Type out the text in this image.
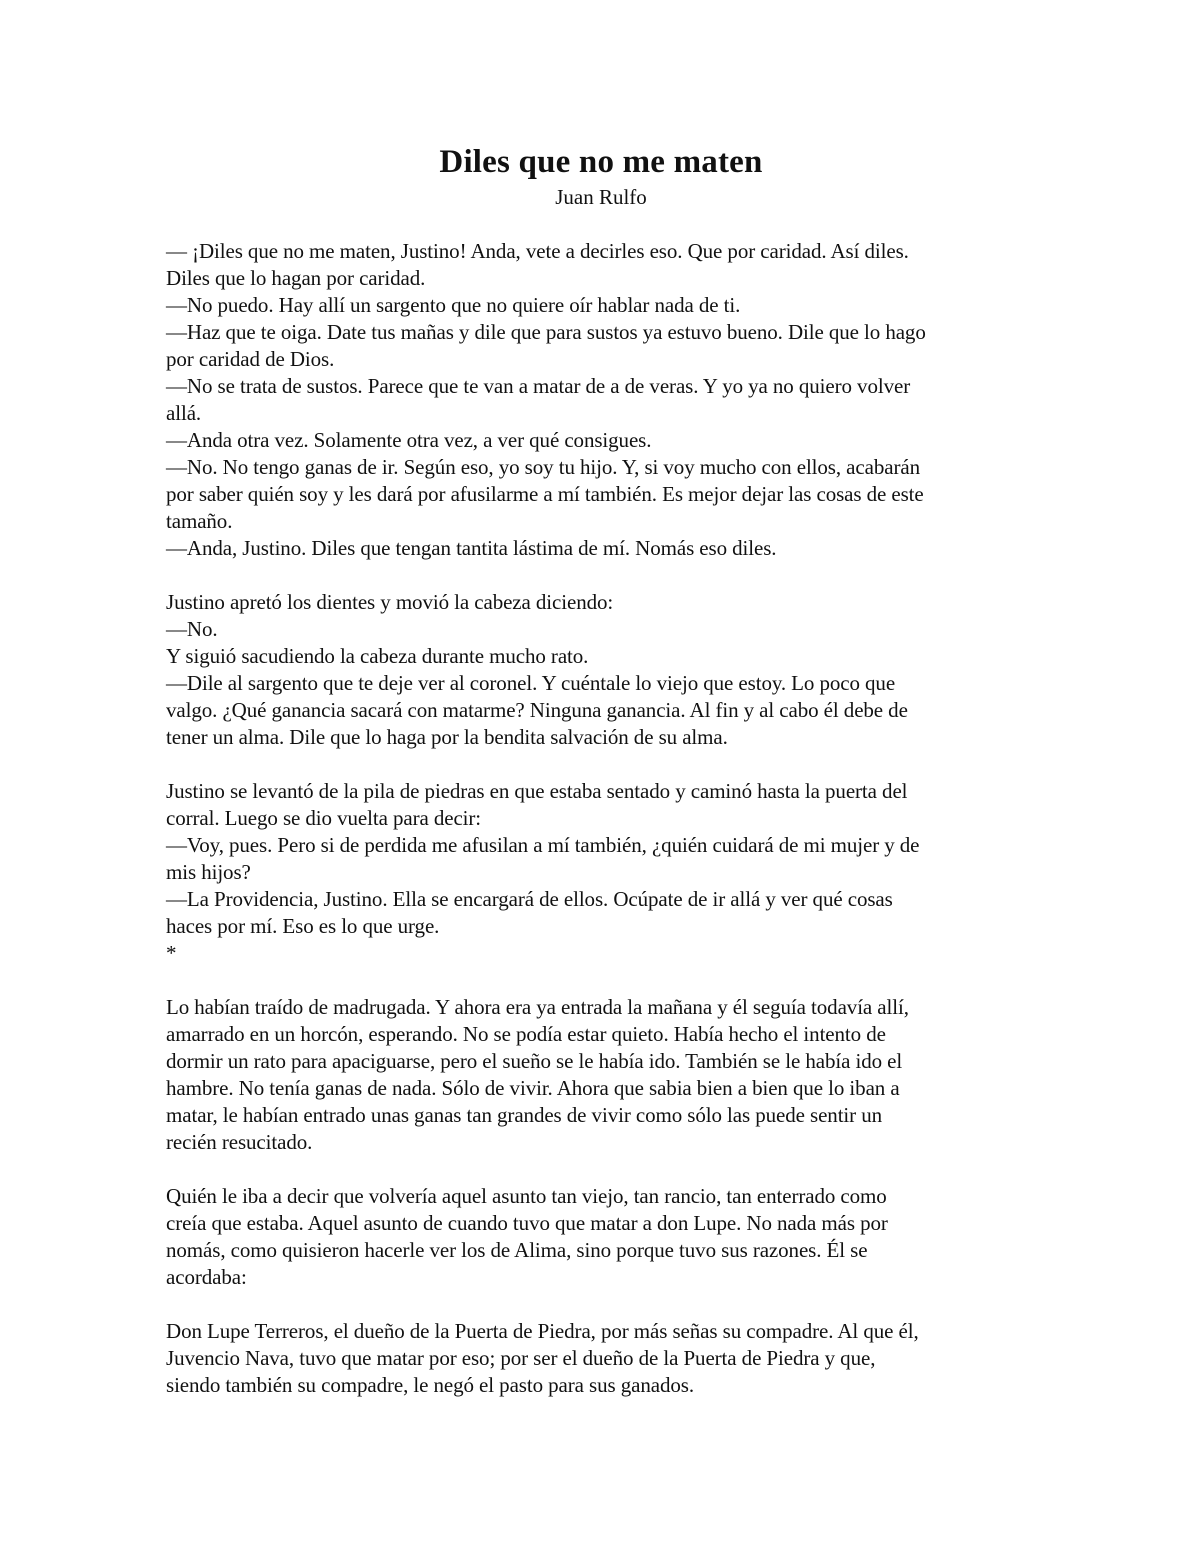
Diles que no me maten
Juan Rulfo

— ¡Diles que no me maten, Justino! Anda, vete a decirles eso. Que por caridad. Así diles.

Diles que lo hagan por caridad.

—No puedo. Hay allí un sargento que no quiere oír hablar nada de ti.

—Haz que te oiga. Date tus mañas y dile que para sustos ya estuvo bueno. Dile que lo hago

por caridad de Dios.

—No se trata de sustos. Parece que te van a matar de a de veras. Y yo ya no quiero volver

allá.

—Anda otra vez. Solamente otra vez, a ver qué consigues.

—No. No tengo ganas de ir. Según eso, yo soy tu hijo. Y, si voy mucho con ellos, acabarán

por saber quién soy y les dará por afusilarme a mí también. Es mejor dejar las cosas de este

tamaño.

—Anda, Justino. Diles que tengan tantita lástima de mí. Nomás eso diles.

Justino apretó los dientes y movió la cabeza diciendo:

—No.

Y siguió sacudiendo la cabeza durante mucho rato.

—Dile al sargento que te deje ver al coronel. Y cuéntale lo viejo que estoy. Lo poco que

valgo. ¿Qué ganancia sacará con matarme? Ninguna ganancia. Al fin y al cabo él debe de

tener un alma. Dile que lo haga por la bendita salvación de su alma.

Justino se levantó de la pila de piedras en que estaba sentado y caminó hasta la puerta del

corral. Luego se dio vuelta para decir:

—Voy, pues. Pero si de perdida me afusilan a mí también, ¿quién cuidará de mi mujer y de

mis hijos?

—La Providencia, Justino. Ella se encargará de ellos. Ocúpate de ir allá y ver qué cosas

haces por mí. Eso es lo que urge.

*

Lo habían traído de madrugada. Y ahora era ya entrada la mañana y él seguía todavía allí,

amarrado en un horcón, esperando. No se podía estar quieto. Había hecho el intento de

dormir un rato para apaciguarse, pero el sueño se le había ido. También se le había ido el

hambre. No tenía ganas de nada. Sólo de vivir. Ahora que sabia bien a bien que lo iban a

matar, le habían entrado unas ganas tan grandes de vivir como sólo las puede sentir un

recién resucitado.

Quién le iba a decir que volvería aquel asunto tan viejo, tan rancio, tan enterrado como

creía que estaba. Aquel asunto de cuando tuvo que matar a don Lupe. No nada más por

nomás, como quisieron hacerle ver los de Alima, sino porque tuvo sus razones. Él se

acordaba:

Don Lupe Terreros, el dueño de la Puerta de Piedra, por más señas su compadre. Al que él,

Juvencio Nava, tuvo que matar por eso; por ser el dueño de la Puerta de Piedra y que,

siendo también su compadre, le negó el pasto para sus ganados.
